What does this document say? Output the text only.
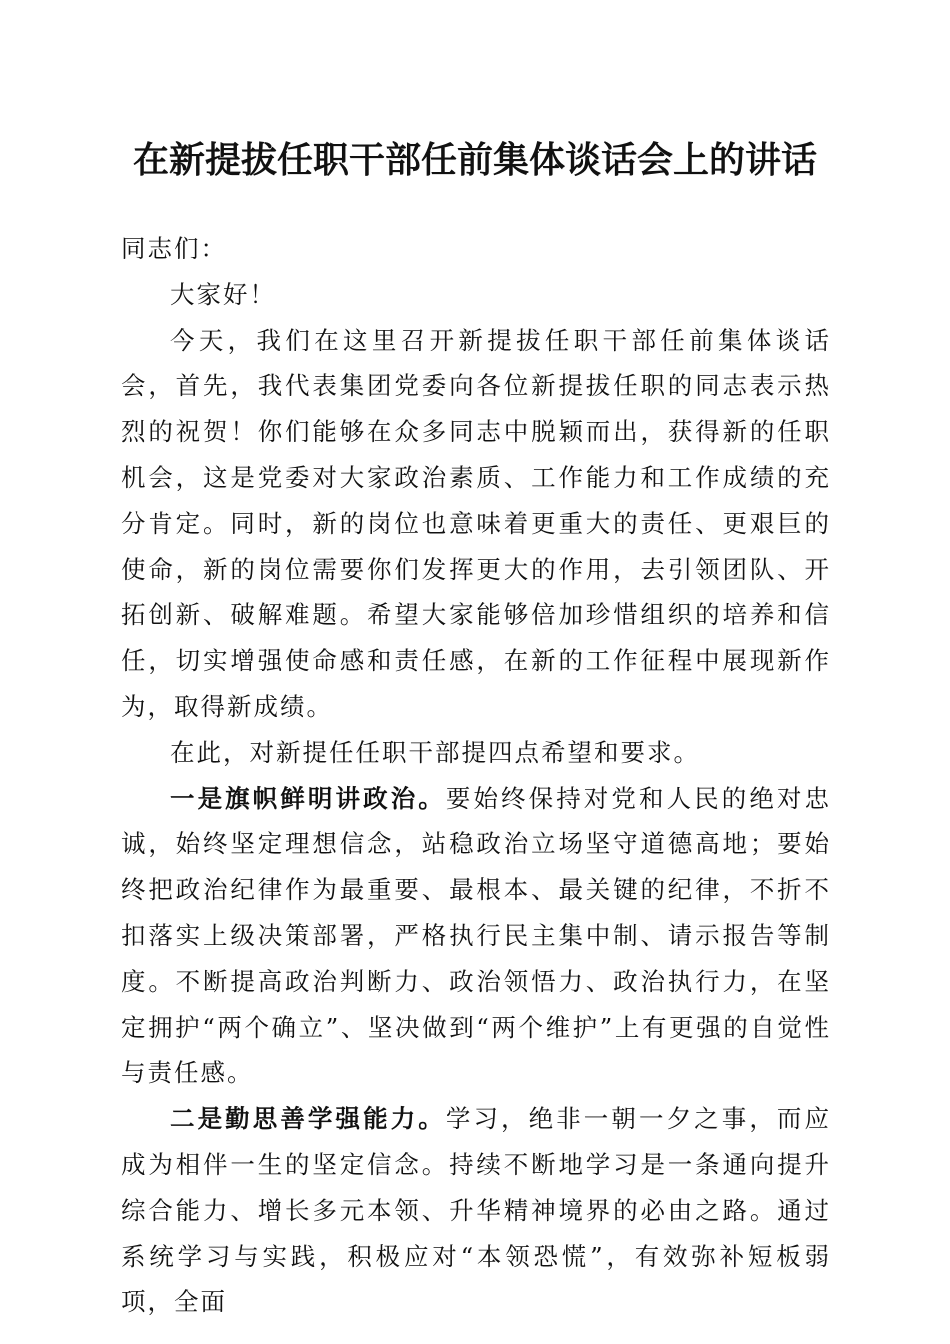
在新提拔任职干部任前集体谈话会上的讲话

同志们：

大家好！

今天，我们在这里召开新提拔任职干部任前集体谈话会，首先，我代表集团党委向各位新提拔任职的同志表示热烈的祝贺！你们能够在众多同志中脱颖而出，获得新的任职机会，这是党委对大家政治素质、工作能力和工作成绩的充分肯定。同时，新的岗位也意味着更重大的责任、更艰巨的使命，新的岗位需要你们发挥更大的作用，去引领团队、开拓创新、破解难题。希望大家能够倍加珍惜组织的培养和信任，切实增强使命感和责任感，在新的工作征程中展现新作为，取得新成绩。

在此，对新提任任职干部提四点希望和要求。

一是旗帜鲜明讲政治。要始终保持对党和人民的绝对忠诚，始终坚定理想信念，站稳政治立场坚守道德高地；要始终把政治纪律作为最重要、最根本、最关键的纪律，不折不扣落实上级决策部署，严格执行民主集中制、请示报告等制度。不断提高政治判断力、政治领悟力、政治执行力，在坚定拥护“两个确立”、坚决做到“两个维护”上有更强的自觉性与责任感。

二是勤思善学强能力。学习，绝非一朝一夕之事，而应成为相伴一生的坚定信念。持续不断地学习是一条通向提升综合能力、增长多元本领、升华精神境界的必由之路。通过系统学习与实践，积极应对“本领恐慌”，有效弥补短板弱项，全面
